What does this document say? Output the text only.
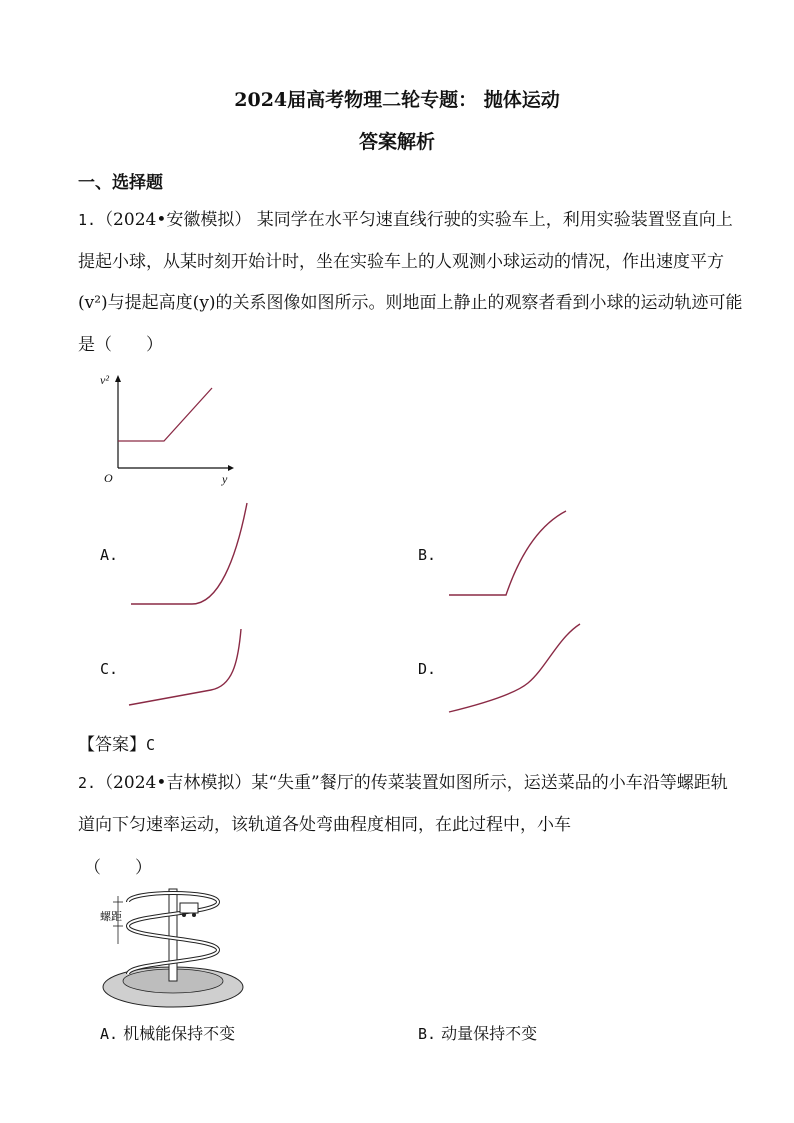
2024届高考物理二轮专题： 抛体运动
答案解析
一、选择题
1.（2024•安徽模拟） 某同学在水平匀速直线行驶的实验车上，利用实验装置竖直向上提起小球，从某时刻开始计时，坐在实验车上的人观测小球运动的情况，作出速度平方(v²)与提起高度(y)的关系图像如图所示。则地面上静止的观察者看到小球的运动轨迹可能是（　　）
v²
y
O
A.	B.
C.	D.
【答案】C
2.（2024•吉林模拟）某“失重”餐厅的传菜装置如图所示，运送菜品的小车沿等螺距轨道向下匀速率运动，该轨道各处弯曲程度相同，在此过程中，小车
（　　）
螺距
A. 机械能保持不变	B. 动量保持不变
